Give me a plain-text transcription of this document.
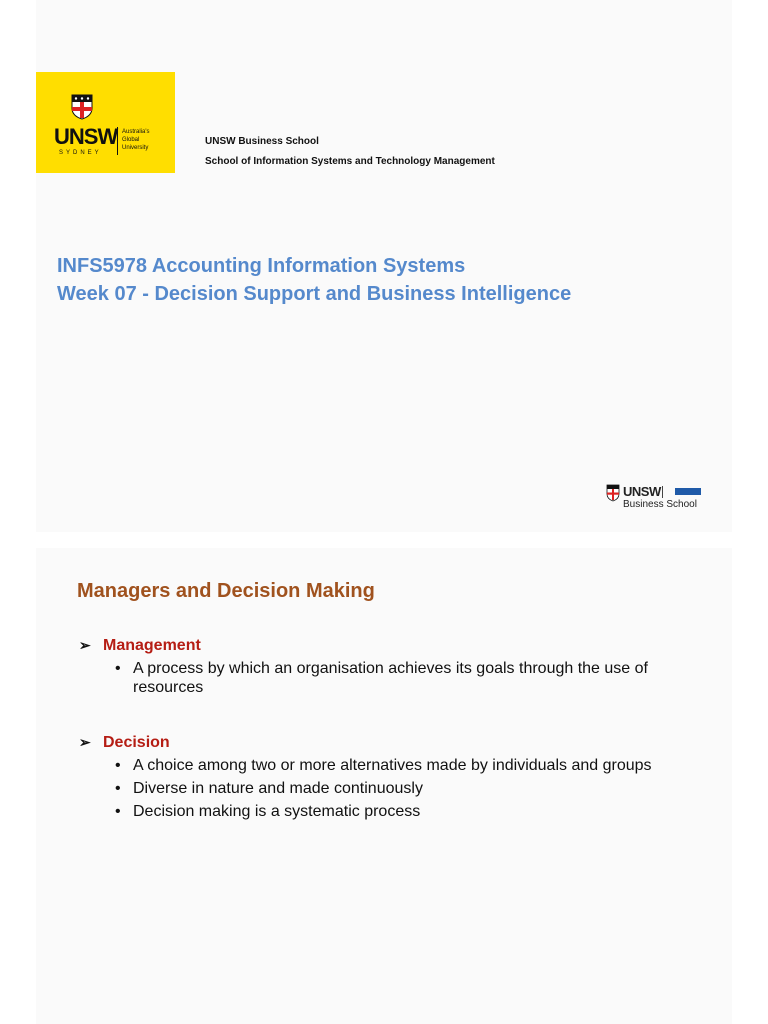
UNSW
SYDNEY
Australia's
Global
University
UNSW Business School
School of Information Systems and Technology Management
INFS5978 Accounting Information Systems
Week 07 - Decision Support and Business Intelligence
UNSW
Business School
Managers and Decision Making
➢ Management
• A process by which an organisation achieves its goals through the use of resources
➢ Decision
• A choice among two or more alternatives made by individuals and groups
• Diverse in nature and made continuously
• Decision making is a systematic process
